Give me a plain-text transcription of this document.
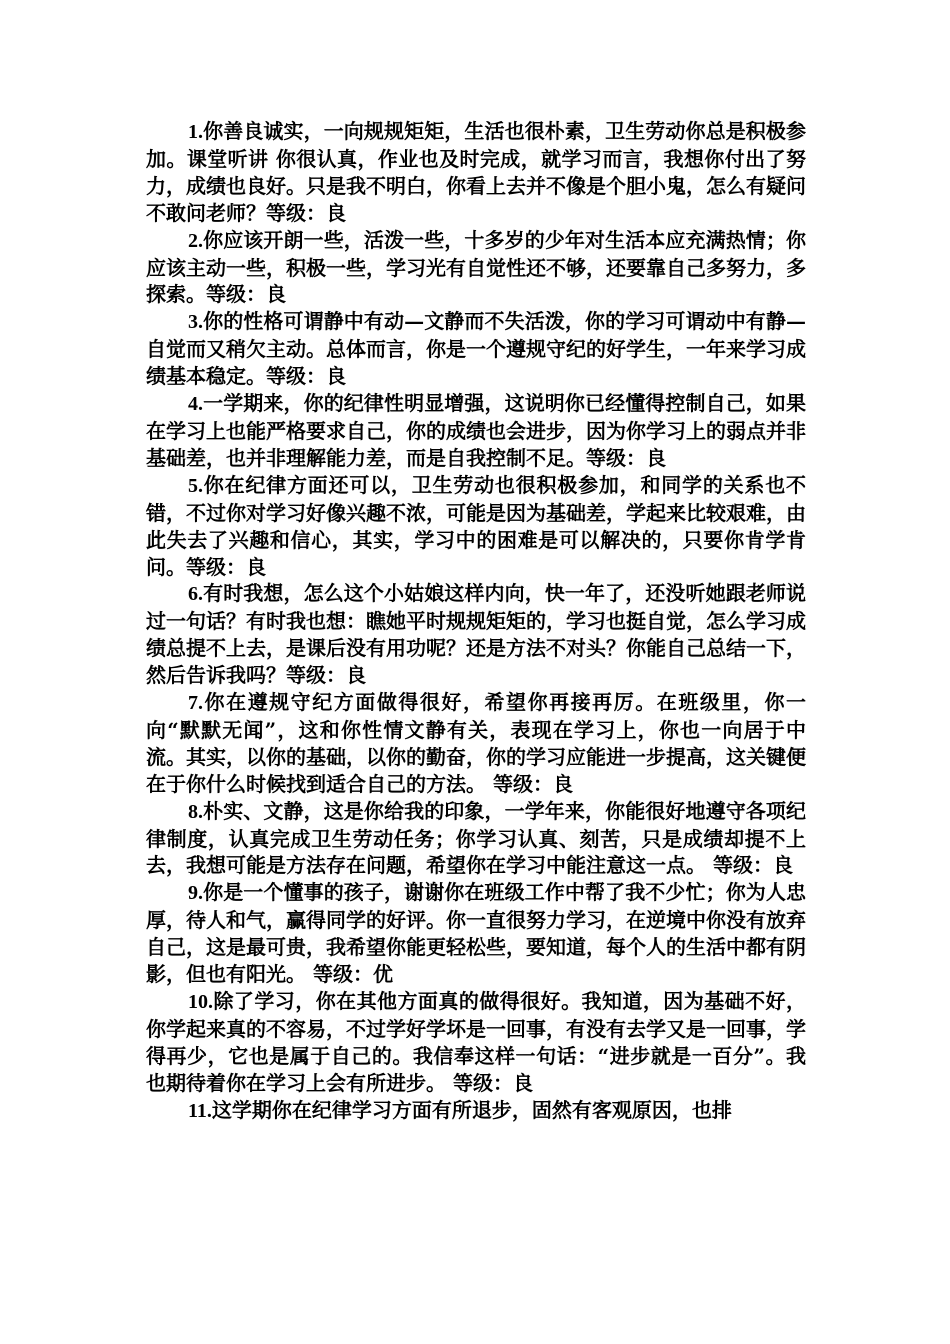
1.你善良诚实，一向规规矩矩，生活也很朴素，卫生劳动你总是积极参加。课堂听讲 你很认真，作业也及时完成，就学习而言，我想你付出了努力，成绩也良好。只是我不明白，你看上去并不像是个胆小鬼，怎么有疑问不敢问老师？等级：良

2.你应该开朗一些，活泼一些，十多岁的少年对生活本应充满热情；你应该主动一些，积极一些，学习光有自觉性还不够，还要靠自己多努力，多探索。等级：良

3.你的性格可谓静中有动—文静而不失活泼，你的学习可谓动中有静—自觉而又稍欠主动。总体而言，你是一个遵规守纪的好学生，一年来学习成绩基本稳定。等级：良

4.一学期来，你的纪律性明显增强，这说明你已经懂得控制自己，如果在学习上也能严格要求自己，你的成绩也会进步，因为你学习上的弱点并非基础差，也并非理解能力差，而是自我控制不足。等级：良

5.你在纪律方面还可以，卫生劳动也很积极参加，和同学的关系也不错，不过你对学习好像兴趣不浓，可能是因为基础差，学起来比较艰难，由此失去了兴趣和信心，其实，学习中的困难是可以解决的，只要你肯学肯问。等级：良

6.有时我想，怎么这个小姑娘这样内向，快一年了，还没听她跟老师说过一句话？有时我也想：瞧她平时规规矩矩的，学习也挺自觉，怎么学习成绩总提不上去，是课后没有用功呢？还是方法不对头？你能自己总结一下，然后告诉我吗？等级：良

7.你在遵规守纪方面做得很好，希望你再接再厉。在班级里，你一向“默默无闻”，这和你性情文静有关，表现在学习上，你也一向居于中流。其实，以你的基础，以你的勤奋，你的学习应能进一步提高，这关键便在于你什么时候找到适合自己的方法。 等级：良

8.朴实、文静，这是你给我的印象，一学年来，你能很好地遵守各项纪律制度，认真完成卫生劳动任务；你学习认真、刻苦，只是成绩却提不上去，我想可能是方法存在问题，希望你在学习中能注意这一点。 等级：良

9.你是一个懂事的孩子，谢谢你在班级工作中帮了我不少忙；你为人忠厚，待人和气，赢得同学的好评。你一直很努力学习，在逆境中你没有放弃自己，这是最可贵，我希望你能更轻松些，要知道，每个人的生活中都有阴影，但也有阳光。 等级：优

10.除了学习，你在其他方面真的做得很好。我知道，因为基础不好，你学起来真的不容易，不过学好学坏是一回事，有没有去学又是一回事，学得再少，它也是属于自己的。我信奉这样一句话：“进步就是一百分”。我也期待着你在学习上会有所进步。 等级：良

11.这学期你在纪律学习方面有所退步，固然有客观原因，也排
